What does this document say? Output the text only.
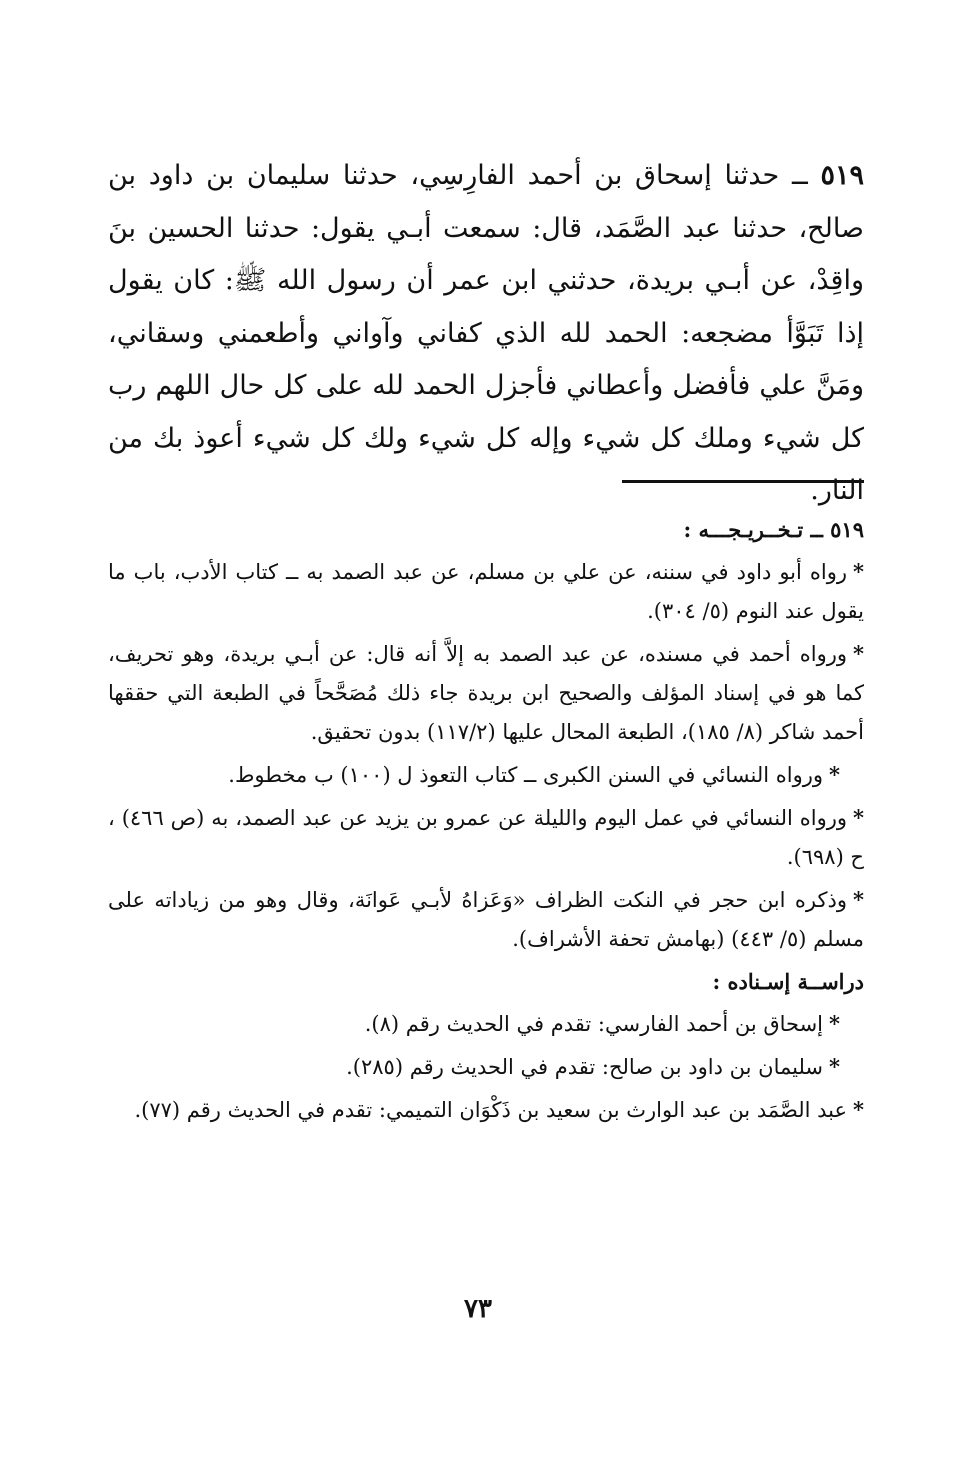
٥١٩ ــ حدثنا إسحاق بن أحمد الفارِسِي، حدثنا سليمان بن داود بن صالح، حدثنا عبد الصَّمَد، قال: سمعت أبـي يقول: حدثنا الحسين بنَ واقِدْ، عن أبـي بريدة، حدثني ابن عمر أن رسول الله ﷺ: كان يقول إذا تَبَوَّأ مضجعه: الحمد لله الذي كفاني وآواني وأطعمني وسقاني، ومَنَّ علي فأفضل وأعطاني فأجزل الحمد لله على كل حال اللهم رب كل شيء وملك كل شيء وإله كل شيء ولك كل شيء أعوذ بك من النار.
٥١٩ ــ تـخــريـجـــه :
*رواه أبو داود في سننه، عن علي بن مسلم، عن عبد الصمد به ــ كتاب الأدب، باب ما يقول عند النوم (٥/ ٣٠٤).
*ورواه أحمد في مسنده، عن عبد الصمد به إلاَّ أنه قال: عن أبـي بريدة، وهو تحريف، كما هو في إسناد المؤلف والصحيح ابن بريدة جاء ذلك مُصَحَّحاً في الطبعة التي حققها أحمد شاكر (٨/ ١٨٥)، الطبعة المحال عليها (١١٧/٢) بدون تحقيق.
*ورواه النسائي في السنن الكبرى ــ كتاب التعوذ ل (١٠٠) ب مخطوط.
*ورواه النسائي في عمل اليوم والليلة عن عمرو بن يزيد عن عبد الصمد، به (ص ٤٦٦) ، ح (٦٩٨).
*وذكره ابن حجر في النكت الظراف «وَعَزاهُ لأبـي عَوانَة، وقال وهو من زياداته على مسلم (٥/ ٤٤٣) (بهامش تحفة الأشراف).
دراســة إسـناده :
*إسحاق بن أحمد الفارسي: تقدم في الحديث رقم (٨).
*سليمان بن داود بن صالح: تقدم في الحديث رقم (٢٨٥).
*عبد الصَّمَد بن عبد الوارث بن سعيد بن ذَكْوَان التميمي: تقدم في الحديث رقم (٧٧).
٧٣
